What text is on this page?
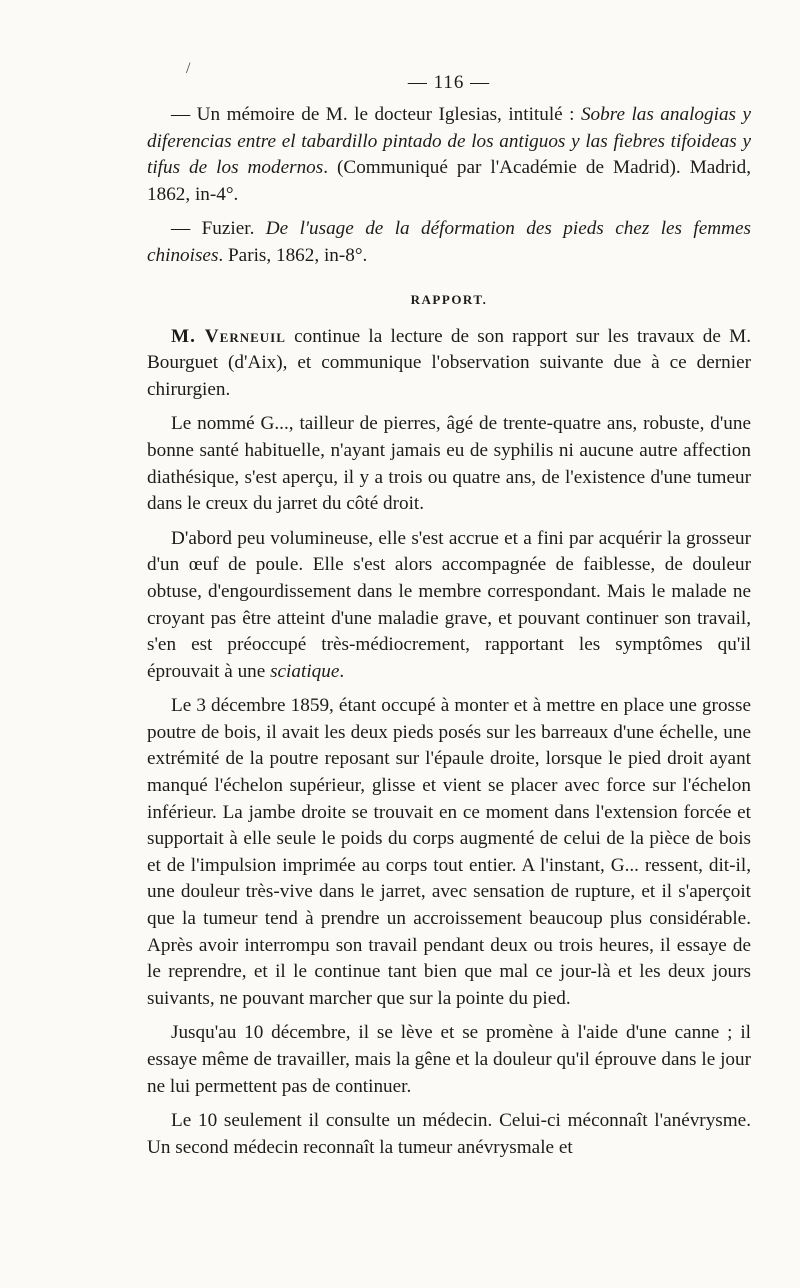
/
— 116 —

— Un mémoire de M. le docteur Iglesias, intitulé : Sobre las analogias y diferencias entre el tabardillo pintado de los antiguos y las fiebres tifoideas y tifus de los modernos. (Communiqué par l'Académie de Madrid). Madrid, 1862, in-4°.

— Fuzier. De l'usage de la déformation des pieds chez les femmes chinoises. Paris, 1862, in-8°.

RAPPORT.

M. Verneuil continue la lecture de son rapport sur les travaux de M. Bourguet (d'Aix), et communique l'observation suivante due à ce dernier chirurgien.

Le nommé G..., tailleur de pierres, âgé de trente-quatre ans, robuste, d'une bonne santé habituelle, n'ayant jamais eu de syphilis ni aucune autre affection diathésique, s'est aperçu, il y a trois ou quatre ans, de l'existence d'une tumeur dans le creux du jarret du côté droit.

D'abord peu volumineuse, elle s'est accrue et a fini par acquérir la grosseur d'un œuf de poule. Elle s'est alors accompagnée de faiblesse, de douleur obtuse, d'engourdissement dans le membre correspondant. Mais le malade ne croyant pas être atteint d'une maladie grave, et pouvant continuer son travail, s'en est préoccupé très-médiocrement, rapportant les symptômes qu'il éprouvait à une sciatique.

Le 3 décembre 1859, étant occupé à monter et à mettre en place une grosse poutre de bois, il avait les deux pieds posés sur les barreaux d'une échelle, une extrémité de la poutre reposant sur l'épaule droite, lorsque le pied droit ayant manqué l'échelon supérieur, glisse et vient se placer avec force sur l'échelon inférieur. La jambe droite se trouvait en ce moment dans l'extension forcée et supportait à elle seule le poids du corps augmenté de celui de la pièce de bois et de l'impulsion imprimée au corps tout entier. A l'instant, G... ressent, dit-il, une douleur très-vive dans le jarret, avec sensation de rupture, et il s'aperçoit que la tumeur tend à prendre un accroissement beaucoup plus considérable. Après avoir interrompu son travail pendant deux ou trois heures, il essaye de le reprendre, et il le continue tant bien que mal ce jour-là et les deux jours suivants, ne pouvant marcher que sur la pointe du pied.

Jusqu'au 10 décembre, il se lève et se promène à l'aide d'une canne ; il essaye même de travailler, mais la gêne et la douleur qu'il éprouve dans le jour ne lui permettent pas de continuer.

Le 10 seulement il consulte un médecin. Celui-ci méconnaît l'anévrysme. Un second médecin reconnaît la tumeur anévrysmale et
